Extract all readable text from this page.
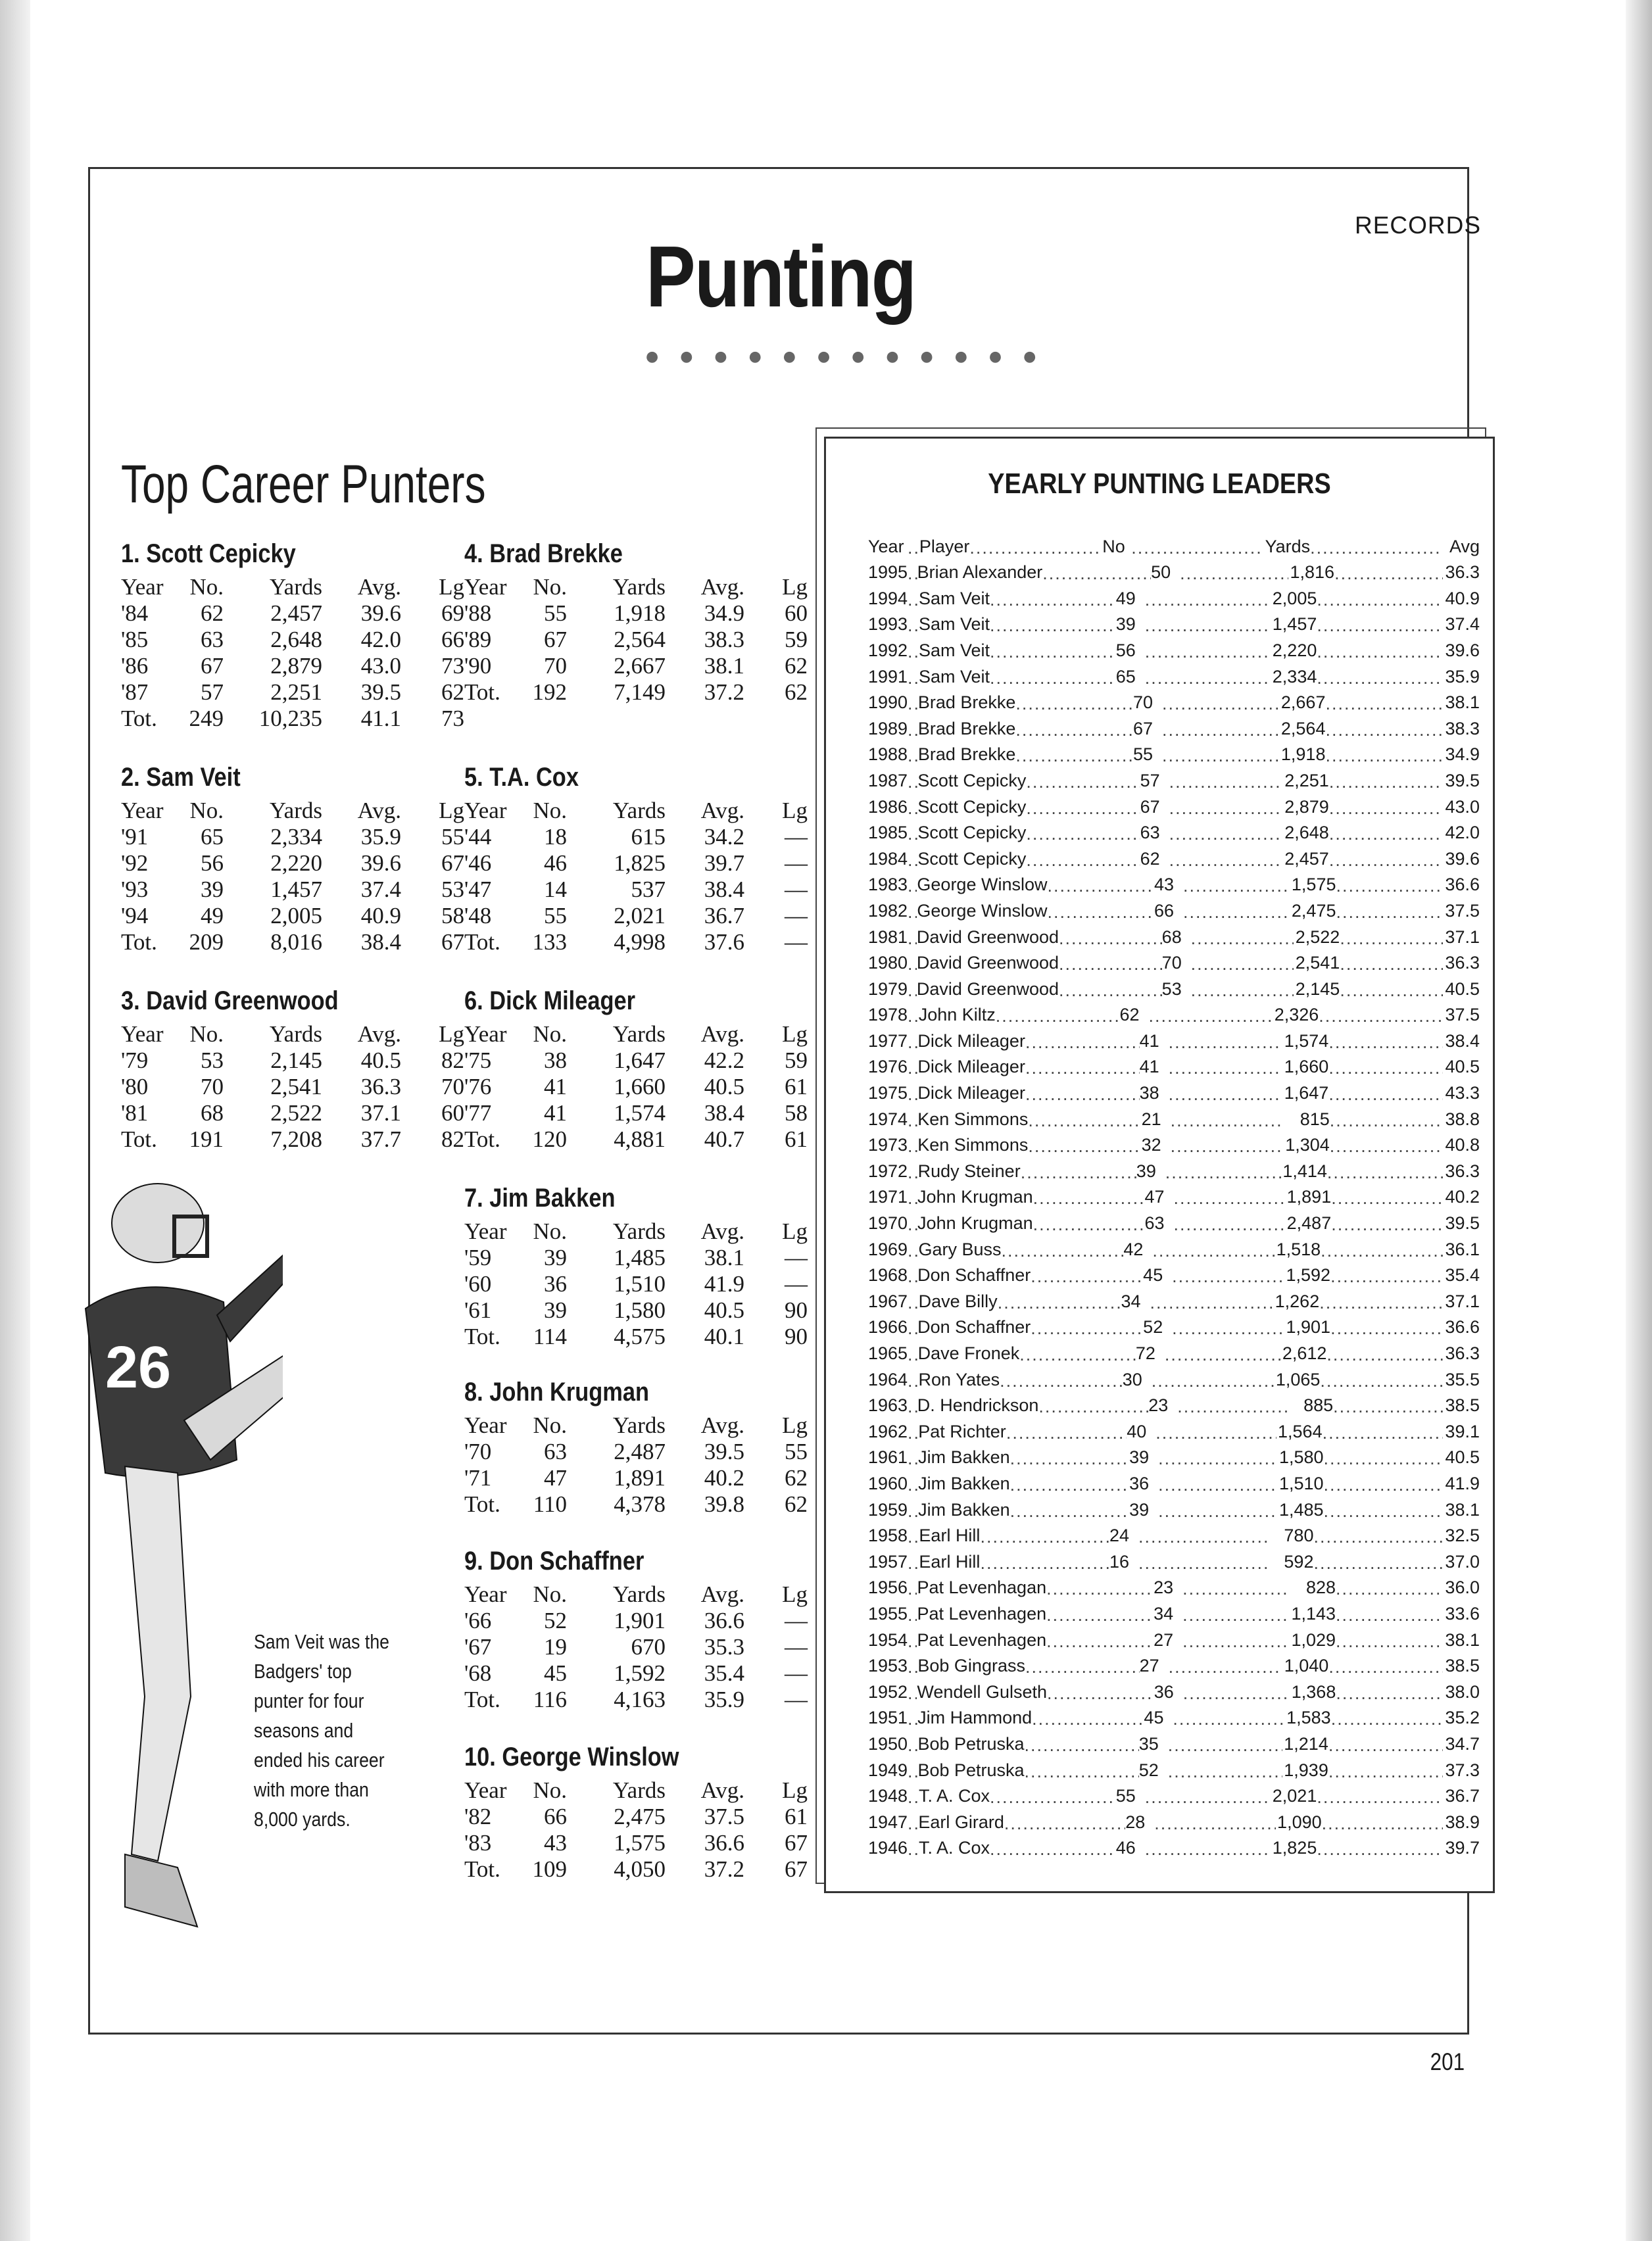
RECORDS
Punting
● ● ● ● ● ● ● ● ● ● ● ●
Top Career Punters
1. Scott Cepicky
Year	No.	Yards	Avg.	Lg
'84	62	2,457	39.6	69
'85	63	2,648	42.0	66
'86	67	2,879	43.0	73
'87	57	2,251	39.5	62
Tot.	249	10,235	41.1	73
2. Sam Veit
Year	No.	Yards	Avg.	Lg
'91	65	2,334	35.9	55
'92	56	2,220	39.6	67
'93	39	1,457	37.4	53
'94	49	2,005	40.9	58
Tot.	209	8,016	38.4	67
3. David Greenwood
Year	No.	Yards	Avg.	Lg
'79	53	2,145	40.5	82
'80	70	2,541	36.3	70
'81	68	2,522	37.1	60
Tot.	191	7,208	37.7	82
4. Brad Brekke
Year	No.	Yards	Avg.	Lg
'88	55	1,918	34.9	60
'89	67	2,564	38.3	59
'90	70	2,667	38.1	62
Tot.	192	7,149	37.2	62
5. T.A. Cox
Year	No.	Yards	Avg.	Lg
'44	18	615	34.2	—
'46	46	1,825	39.7	—
'47	14	537	38.4	—
'48	55	2,021	36.7	—
Tot.	133	4,998	37.6	—
6. Dick Mileager
Year	No.	Yards	Avg.	Lg
'75	38	1,647	42.2	59
'76	41	1,660	40.5	61
'77	41	1,574	38.4	58
Tot.	120	4,881	40.7	61
7. Jim Bakken
Year	No.	Yards	Avg.	Lg
'59	39	1,485	38.1	—
'60	36	1,510	41.9	—
'61	39	1,580	40.5	90
Tot.	114	4,575	40.1	90
8. John Krugman
Year	No.	Yards	Avg.	Lg
'70	63	2,487	39.5	55
'71	47	1,891	40.2	62
Tot.	110	4,378	39.8	62
9. Don Schaffner
Year	No.	Yards	Avg.	Lg
'66	52	1,901	36.6	—
'67	19	670	35.3	—
'68	45	1,592	35.4	—
Tot.	116	4,163	35.9	—
10. George Winslow
Year	No.	Yards	Avg.	Lg
'82	66	2,475	37.5	61
'83	43	1,575	36.6	67
Tot.	109	4,050	37.2	67
26
Sam Veit was the Badgers' top punter for four seasons and ended his career with more than 8,000 yards.
YEARLY PUNTING LEADERS
Year ..... Player .....	No .....	Yards .....	Avg
1995 ..... Brian Alexander .....	50 .....	1,816 .....	36.3
1994 ..... Sam Veit .....	49 .....	2,005 .....	40.9
1993 ..... Sam Veit .....	39 .....	1,457 .....	37.4
1992 ..... Sam Veit .....	56 .....	2,220 .....	39.6
1991 ..... Sam Veit .....	65 .....	2,334 .....	35.9
1990 ..... Brad Brekke .....	70 .....	2,667 .....	38.1
1989 ..... Brad Brekke .....	67 .....	2,564 .....	38.3
1988 ..... Brad Brekke .....	55 .....	1,918 .....	34.9
1987 ..... Scott Cepicky .....	57 .....	2,251 .....	39.5
1986 ..... Scott Cepicky .....	67 .....	2,879 .....	43.0
1985 ..... Scott Cepicky .....	63 .....	2,648 .....	42.0
1984 ..... Scott Cepicky .....	62 .....	2,457 .....	39.6
1983 ..... George Winslow .....	43 .....	1,575 .....	36.6
1982 ..... George Winslow .....	66 .....	2,475 .....	37.5
1981 ..... David Greenwood .....	68 .....	2,522 .....	37.1
1980 ..... David Greenwood .....	70 .....	2,541 .....	36.3
1979 ..... David Greenwood .....	53 .....	2,145 .....	40.5
1978 ..... John Kiltz .....	62 .....	2,326 .....	37.5
1977 ..... Dick Mileager .....	41 .....	1,574 .....	38.4
1976 ..... Dick Mileager .....	41 .....	1,660 .....	40.5
1975 ..... Dick Mileager .....	38 .....	1,647 .....	43.3
1974 ..... Ken Simmons .....	21 .....	815 .....	38.8
1973 ..... Ken Simmons .....	32 .....	1,304 .....	40.8
1972 ..... Rudy Steiner .....	39 .....	1,414 .....	36.3
1971 ..... John Krugman .....	47 .....	1,891 .....	40.2
1970 ..... John Krugman .....	63 .....	2,487 .....	39.5
1969 ..... Gary Buss .....	42 .....	1,518 .....	36.1
1968 ..... Don Schaffner .....	45 .....	1,592 .....	35.4
1967 ..... Dave Billy .....	34 .....	1,262 .....	37.1
1966 ..... Don Schaffner .....	52 .....	1,901 .....	36.6
1965 ..... Dave Fronek .....	72 .....	2,612 .....	36.3
1964 ..... Ron Yates .....	30 .....	1,065 .....	35.5
1963 ..... D. Hendrickson .....	23 .....	885 .....	38.5
1962 ..... Pat Richter .....	40 .....	1,564 .....	39.1
1961 ..... Jim Bakken .....	39 .....	1,580 .....	40.5
1960 ..... Jim Bakken .....	36 .....	1,510 .....	41.9
1959 ..... Jim Bakken .....	39 .....	1,485 .....	38.1
1958 ..... Earl Hill .....	24 .....	780 .....	32.5
1957 ..... Earl Hill .....	16 .....	592 .....	37.0
1956 ..... Pat Levenhagan .....	23 .....	828 .....	36.0
1955 ..... Pat Levenhagen .....	34 .....	1,143 .....	33.6
1954 ..... Pat Levenhagen .....	27 .....	1,029 .....	38.1
1953 ..... Bob Gingrass .....	27 .....	1,040 .....	38.5
1952 ..... Wendell Gulseth .....	36 .....	1,368 .....	38.0
1951 ..... Jim Hammond .....	45 .....	1,583 .....	35.2
1950 ..... Bob Petruska .....	35 .....	1,214 .....	34.7
1949 ..... Bob Petruska .....	52 .....	1,939 .....	37.3
1948 ..... T. A. Cox .....	55 .....	2,021 .....	36.7
1947 ..... Earl Girard .....	28 .....	1,090 .....	38.9
1946 ..... T. A. Cox .....	46 .....	1,825 .....	39.7
201
